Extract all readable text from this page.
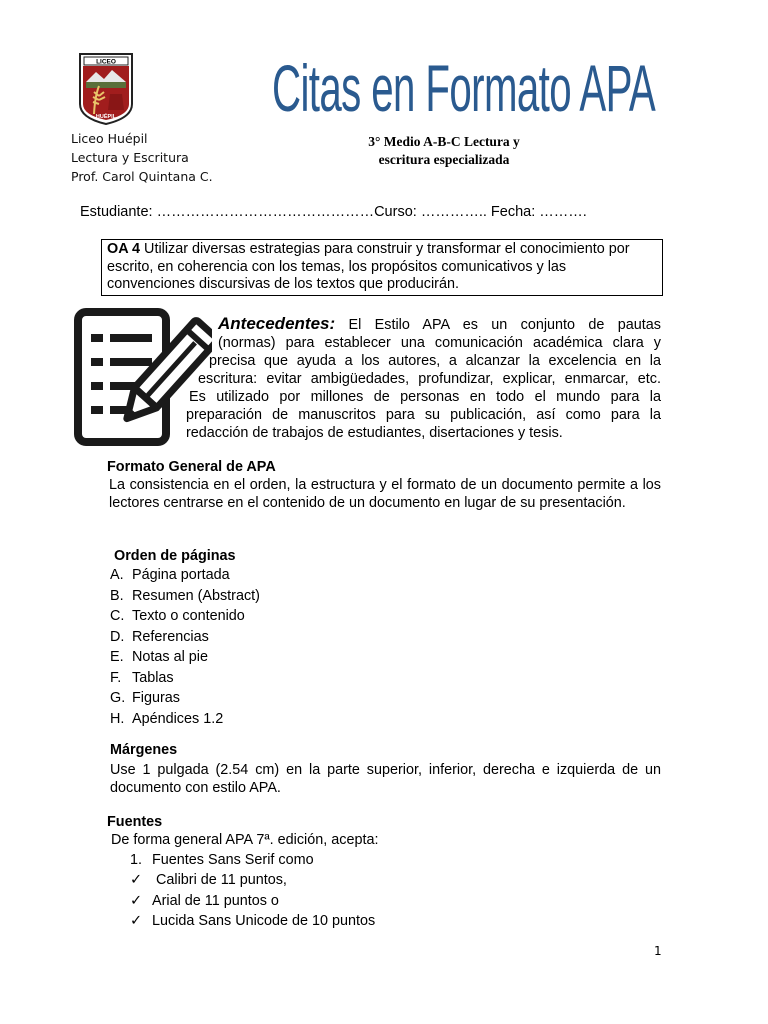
LICEO
HUÉPIL
Liceo Huépil
Lectura y Escritura
Prof. Carol Quintana C.
Citas en Formato APA
3° Medio A-B-C Lectura y
escritura especializada
Estudiante: ………………………………………Curso: ………….. Fecha: ……….
OA 4 Utilizar diversas estrategias para construir y transformar el conocimiento por escrito, en coherencia con los temas, los propósitos comunicativos y las convenciones discursivas de los textos que producirán.
Antecedentes: El Estilo APA es un conjunto de pautas
(normas) para establecer una comunicación académica clara y
precisa que ayuda a los autores, a alcanzar la excelencia en la
escritura: evitar ambigüedades, profundizar, explicar, enmarcar, etc.
Es utilizado por millones de personas en todo el mundo para la
preparación de manuscritos para su publicación, así como para la
redacción de trabajos de estudiantes, disertaciones y tesis.
Formato General de APA
La consistencia en el orden, la estructura y el formato de un documento permite a los lectores centrarse en el contenido de un documento en lugar de su presentación.
Orden de páginas
A. Página portada
B. Resumen (Abstract)
C. Texto o contenido
D. Referencias
E. Notas al pie
F. Tablas
G. Figuras
H. Apéndices 1.2
Márgenes
Use 1 pulgada (2.54 cm) en la parte superior, inferior, derecha e izquierda de un documento con estilo APA.
Fuentes
De forma general APA 7ª. edición, acepta:
1. Fuentes Sans Serif como
✓ Calibri de 11 puntos,
✓ Arial de 11 puntos o
✓ Lucida Sans Unicode de 10 puntos
1
